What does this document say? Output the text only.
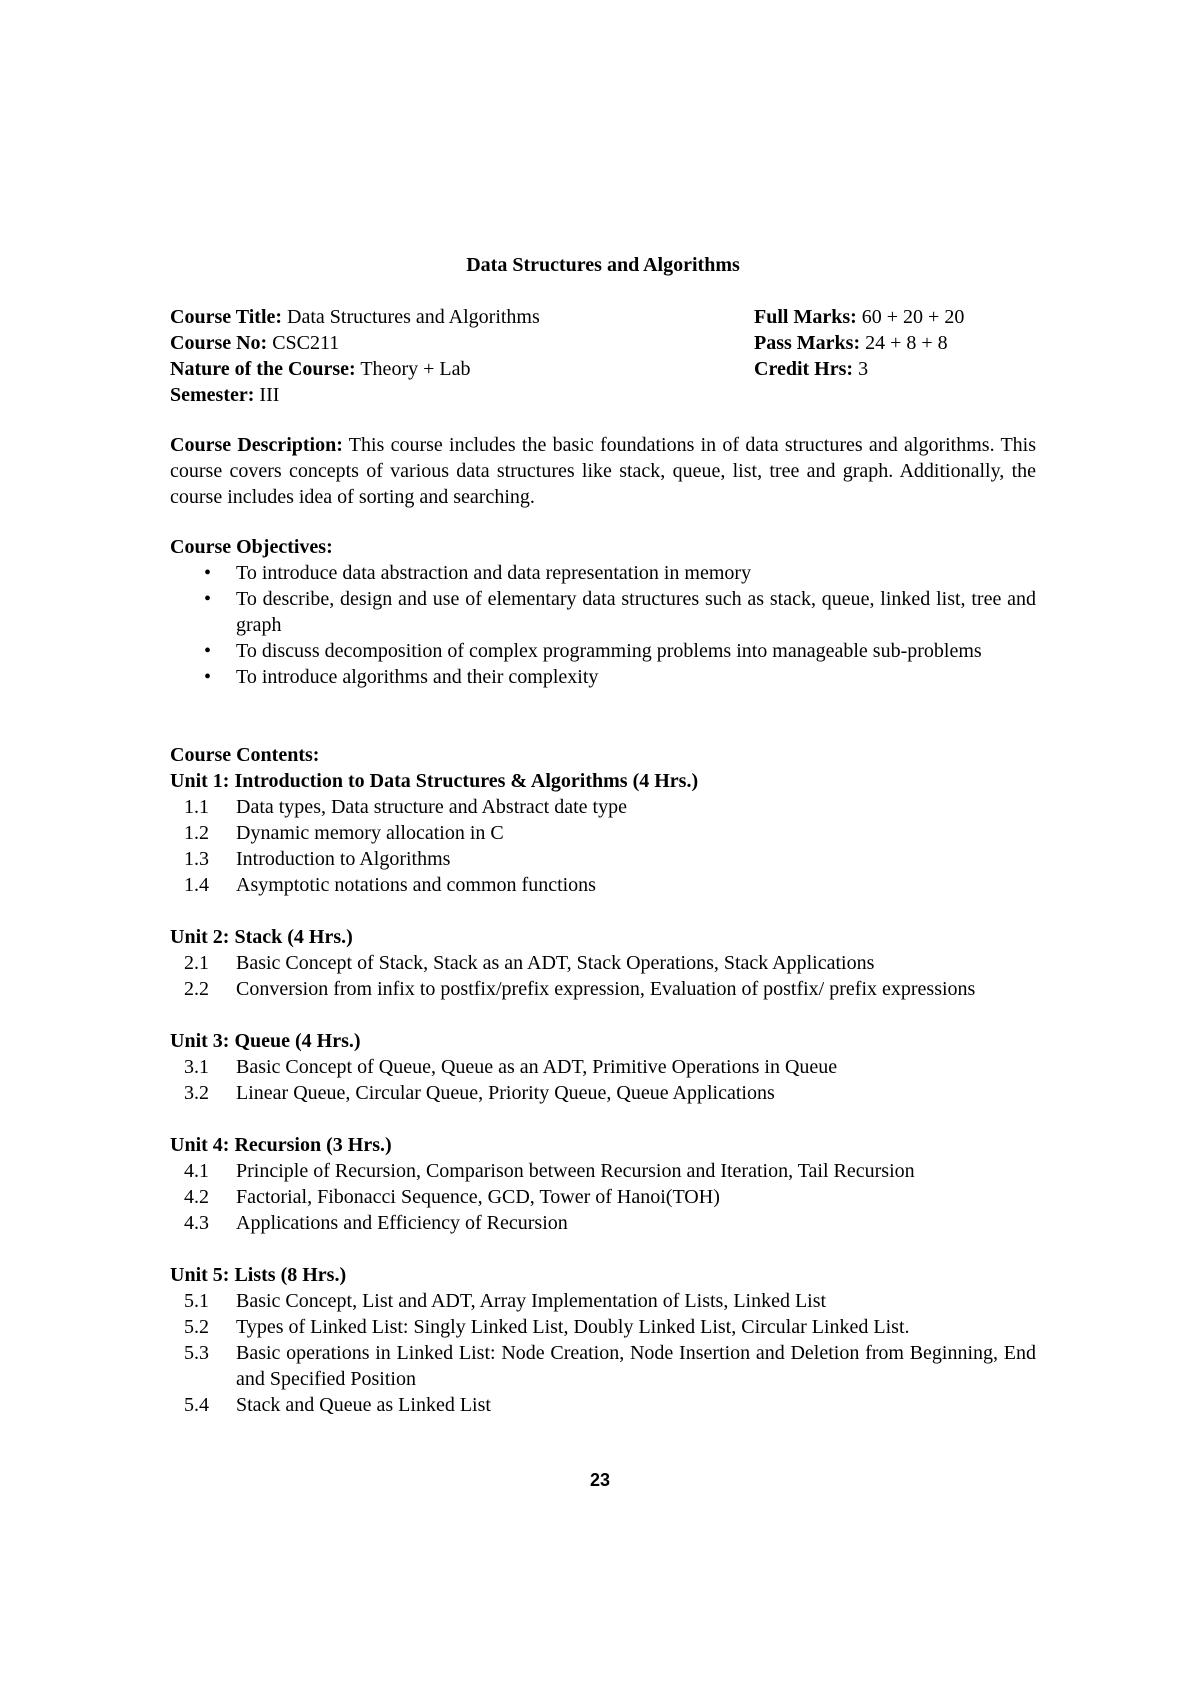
Data Structures and Algorithms
Course Title: Data Structures and Algorithms	Full Marks: 60 + 20 + 20
Course No: CSC211	Pass Marks: 24 + 8 + 8
Nature of the Course: Theory + Lab	Credit Hrs: 3
Semester: III
Course Description: This course includes the basic foundations in of data structures and algorithms. This course covers concepts of various data structures like stack, queue, list, tree and graph. Additionally, the course includes idea of sorting and searching.
Course Objectives:
• To introduce data abstraction and data representation in memory
• To describe, design and use of elementary data structures such as stack, queue, linked list, tree and graph
• To discuss decomposition of complex programming problems into manageable sub-problems
• To introduce algorithms and their complexity
Course Contents:
Unit 1: Introduction to Data Structures & Algorithms (4 Hrs.)
1.1	Data types, Data structure and Abstract date type
1.2	Dynamic memory allocation in C
1.3	Introduction to Algorithms
1.4	Asymptotic notations and common functions
Unit 2: Stack (4 Hrs.)
2.1	Basic Concept of Stack, Stack as an ADT, Stack Operations, Stack Applications
2.2	Conversion from infix to postfix/prefix expression, Evaluation of postfix/ prefix expressions
Unit 3: Queue (4 Hrs.)
3.1	Basic Concept of Queue, Queue as an ADT, Primitive Operations in Queue
3.2	Linear Queue, Circular Queue, Priority Queue, Queue Applications
Unit 4: Recursion (3 Hrs.)
4.1	Principle of Recursion, Comparison between Recursion and Iteration, Tail Recursion
4.2	Factorial, Fibonacci Sequence, GCD, Tower of Hanoi(TOH)
4.3	Applications and Efficiency of Recursion
Unit 5: Lists (8 Hrs.)
5.1	Basic Concept, List and ADT, Array Implementation of Lists, Linked List
5.2	Types of Linked List: Singly Linked List, Doubly Linked List, Circular Linked List.
5.3	Basic operations in Linked List: Node Creation, Node Insertion and Deletion from Beginning, End and Specified Position
5.4	Stack and Queue as Linked List
23
